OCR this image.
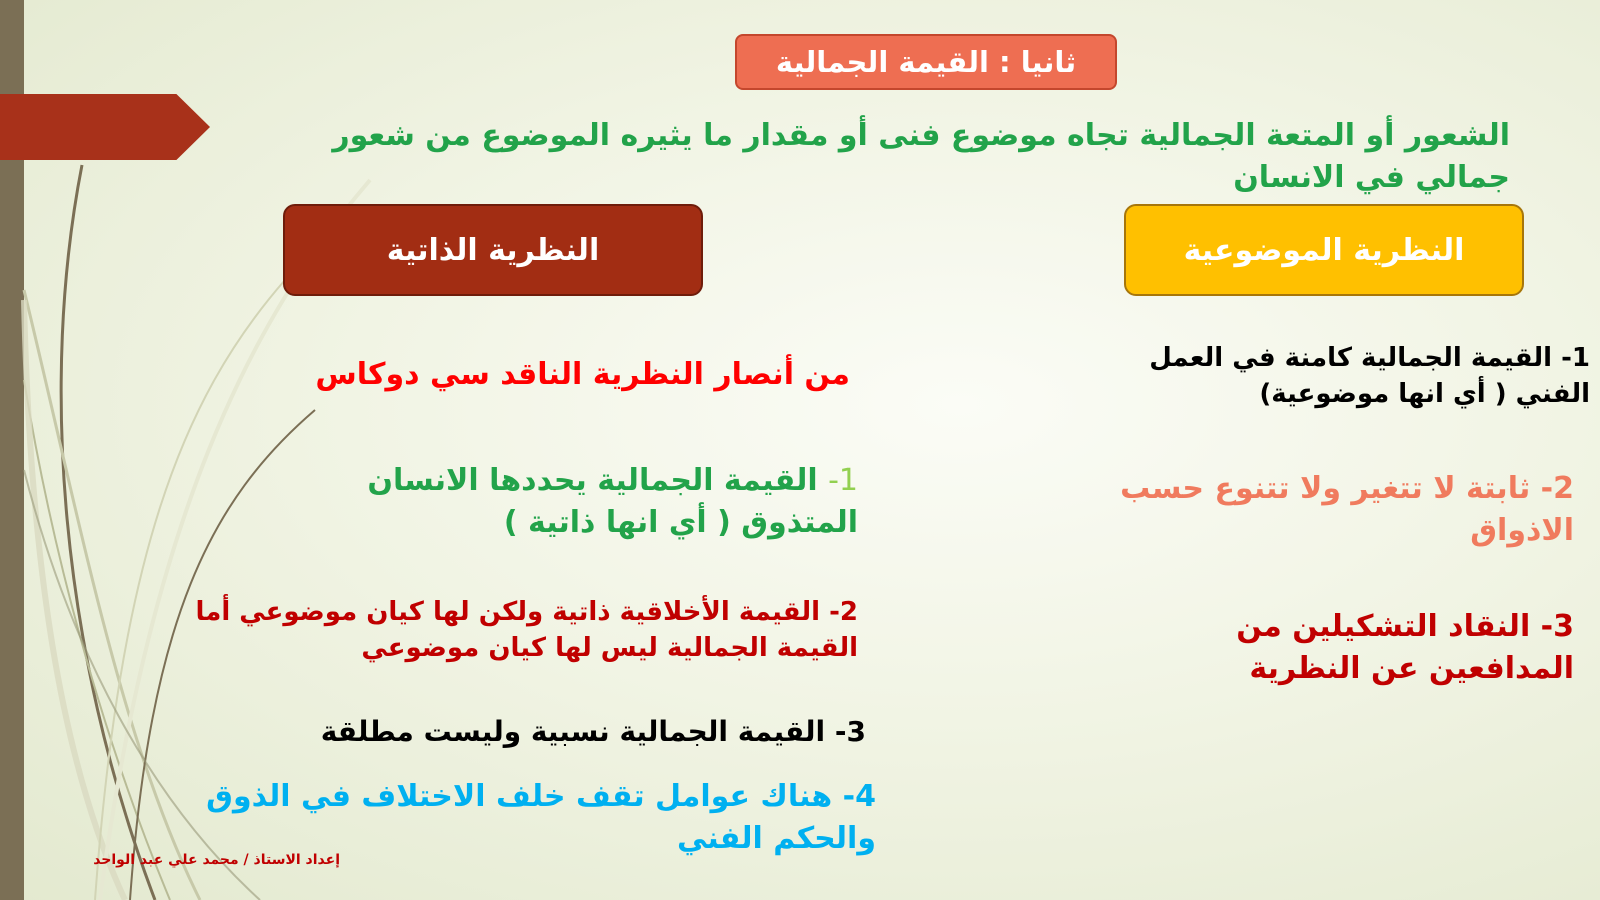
ثانيا : القيمة الجمالية
الشعور أو المتعة الجمالية تجاه موضوع فنى أو مقدار ما يثيره الموضوع من شعور جمالي في الانسان
النظرية الذاتية	النظرية الموضوعية
1- القيمة الجمالية كامنة في العمل الفني ( أي انها موضوعية)
2- ثابتة لا تتغير ولا تتنوع حسب الاذواق
3- النقاد التشكيلين من المدافعين عن النظرية
من أنصار النظرية الناقد سي دوكاس
1- القيمة الجمالية يحددها الانسان المتذوق ( أي انها ذاتية )
2- القيمة الأخلاقية ذاتية ولكن لها كيان موضوعي أما القيمة الجمالية ليس لها كيان موضوعي
3- القيمة الجمالية نسبية وليست مطلقة
4- هناك عوامل تقف خلف الاختلاف في الذوق والحكم الفني
إعداد الاستاذ / محمد علي عبد الواحد
